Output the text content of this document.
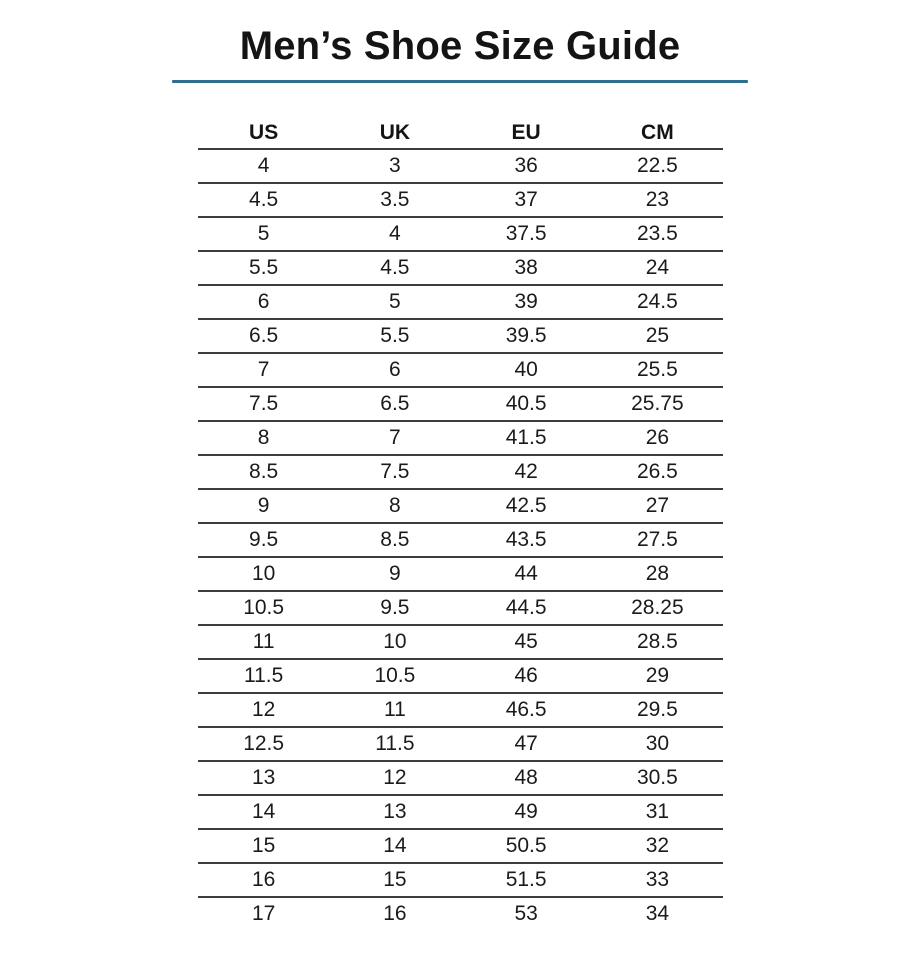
Men’s Shoe Size Guide
US	UK	EU	CM
4	3	36	22.5
4.5	3.5	37	23
5	4	37.5	23.5
5.5	4.5	38	24
6	5	39	24.5
6.5	5.5	39.5	25
7	6	40	25.5
7.5	6.5	40.5	25.75
8	7	41.5	26
8.5	7.5	42	26.5
9	8	42.5	27
9.5	8.5	43.5	27.5
10	9	44	28
10.5	9.5	44.5	28.25
11	10	45	28.5
11.5	10.5	46	29
12	11	46.5	29.5
12.5	11.5	47	30
13	12	48	30.5
14	13	49	31
15	14	50.5	32
16	15	51.5	33
17	16	53	34
